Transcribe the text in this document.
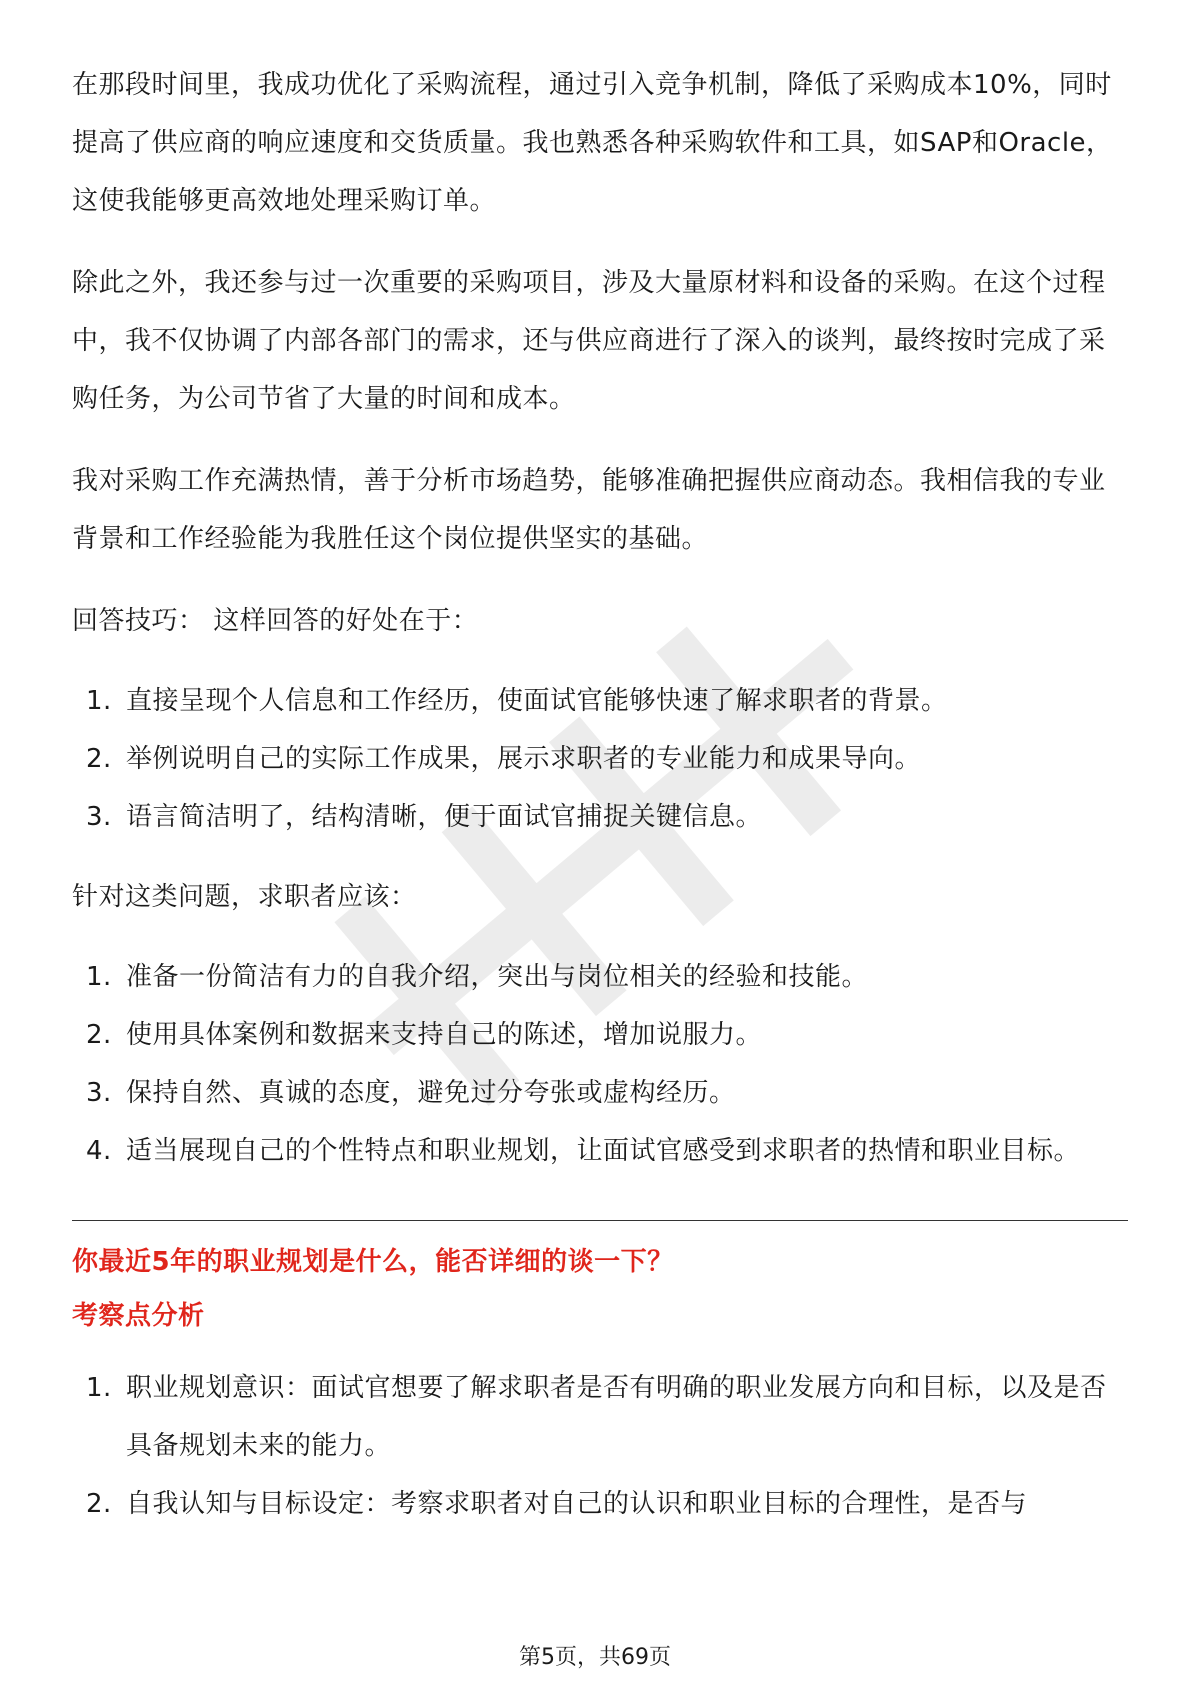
在那段时间里，我成功优化了采购流程，通过引入竞争机制，降低了采购成本10%，同时提高了供应商的响应速度和交货质量。我也熟悉各种采购软件和工具，如SAP和Oracle，这使我能够更高效地处理采购订单。

除此之外，我还参与过一次重要的采购项目，涉及大量原材料和设备的采购。在这个过程中，我不仅协调了内部各部门的需求，还与供应商进行了深入的谈判，最终按时完成了采购任务，为公司节省了大量的时间和成本。

我对采购工作充满热情，善于分析市场趋势，能够准确把握供应商动态。我相信我的专业背景和工作经验能为我胜任这个岗位提供坚实的基础。

回答技巧： 这样回答的好处在于：

1. 直接呈现个人信息和工作经历，使面试官能够快速了解求职者的背景。
2. 举例说明自己的实际工作成果，展示求职者的专业能力和成果导向。
3. 语言简洁明了，结构清晰，便于面试官捕捉关键信息。

针对这类问题，求职者应该：

1. 准备一份简洁有力的自我介绍，突出与岗位相关的经验和技能。
2. 使用具体案例和数据来支持自己的陈述，增加说服力。
3. 保持自然、真诚的态度，避免过分夸张或虚构经历。
4. 适当展现自己的个性特点和职业规划，让面试官感受到求职者的热情和职业目标。

你最近5年的职业规划是什么，能否详细的谈一下？

考察点分析

1. 职业规划意识：面试官想要了解求职者是否有明确的职业发展方向和目标，以及是否具备规划未来的能力。
2. 自我认知与目标设定：考察求职者对自己的认识和职业目标的合理性，是否与
第5页，共69页
